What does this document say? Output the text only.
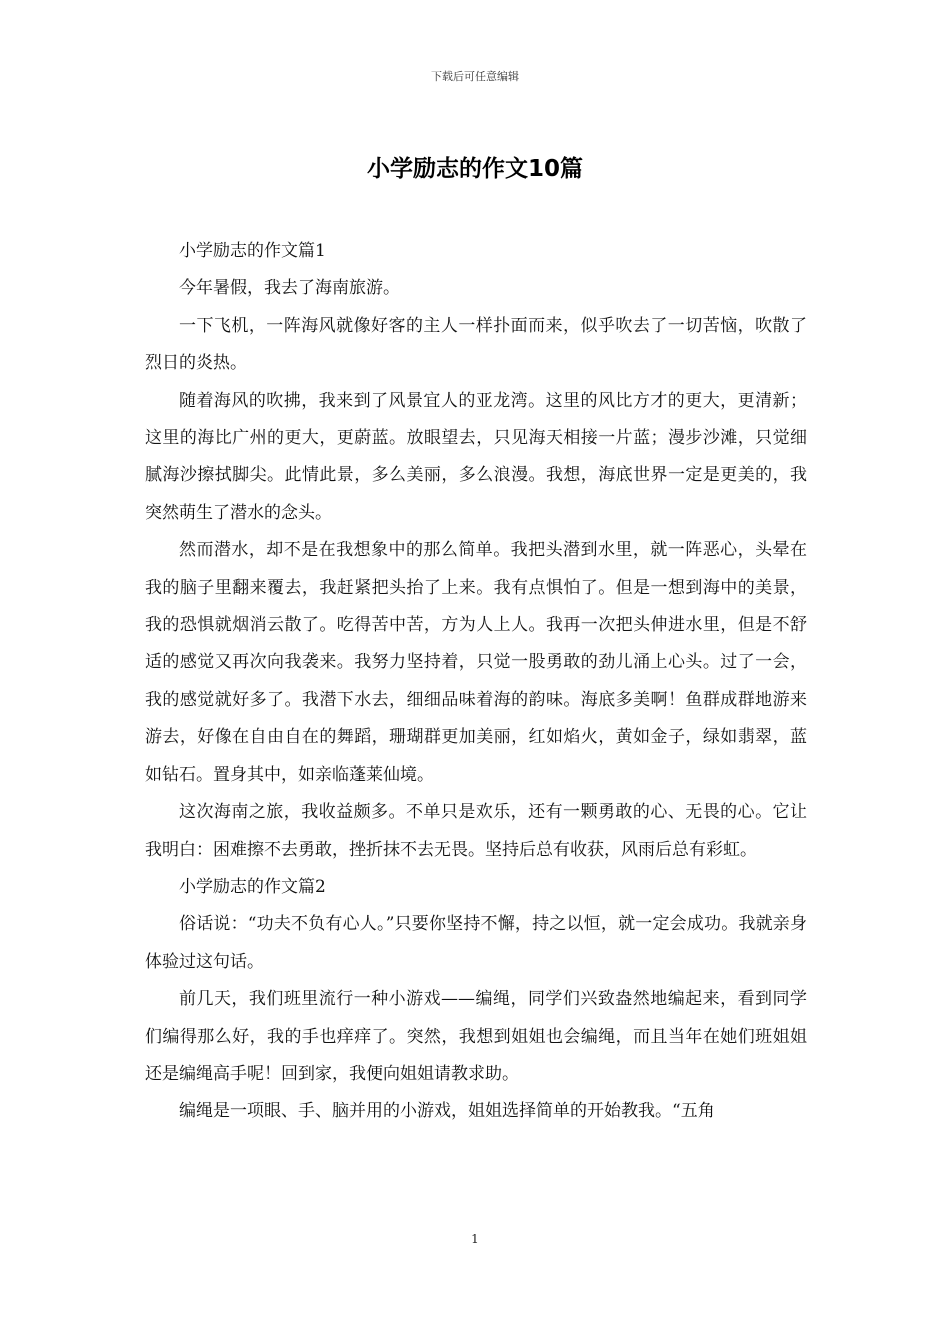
下载后可任意编辑
小学励志的作文10篇

小学励志的作文篇1

今年暑假，我去了海南旅游。

一下飞机，一阵海风就像好客的主人一样扑面而来，似乎吹去了一切苦恼，吹散了烈日的炎热。

随着海风的吹拂，我来到了风景宜人的亚龙湾。这里的风比方才的更大，更清新；这里的海比广州的更大，更蔚蓝。放眼望去，只见海天相接一片蓝；漫步沙滩，只觉细腻海沙擦拭脚尖。此情此景，多么美丽，多么浪漫。我想，海底世界一定是更美的，我突然萌生了潜水的念头。

然而潜水，却不是在我想象中的那么简单。我把头潜到水里，就一阵恶心，头晕在我的脑子里翻来覆去，我赶紧把头抬了上来。我有点惧怕了。但是一想到海中的美景，我的恐惧就烟消云散了。吃得苦中苦，方为人上人。我再一次把头伸进水里，但是不舒适的感觉又再次向我袭来。我努力坚持着，只觉一股勇敢的劲儿涌上心头。过了一会，我的感觉就好多了。我潜下水去，细细品味着海的韵味。海底多美啊！鱼群成群地游来游去，好像在自由自在的舞蹈，珊瑚群更加美丽，红如焰火，黄如金子，绿如翡翠，蓝如钻石。置身其中，如亲临蓬莱仙境。

这次海南之旅，我收益颇多。不单只是欢乐，还有一颗勇敢的心、无畏的心。它让我明白：困难擦不去勇敢，挫折抹不去无畏。坚持后总有收获，风雨后总有彩虹。

小学励志的作文篇2

俗话说：“功夫不负有心人。”只要你坚持不懈，持之以恒，就一定会成功。我就亲身体验过这句话。

前几天，我们班里流行一种小游戏——编绳，同学们兴致盎然地编起来，看到同学们编得那么好，我的手也痒痒了。突然，我想到姐姐也会编绳，而且当年在她们班姐姐还是编绳高手呢！回到家，我便向姐姐请教求助。

编绳是一项眼、手、脑并用的小游戏，姐姐选择简单的开始教我。“五角

1
